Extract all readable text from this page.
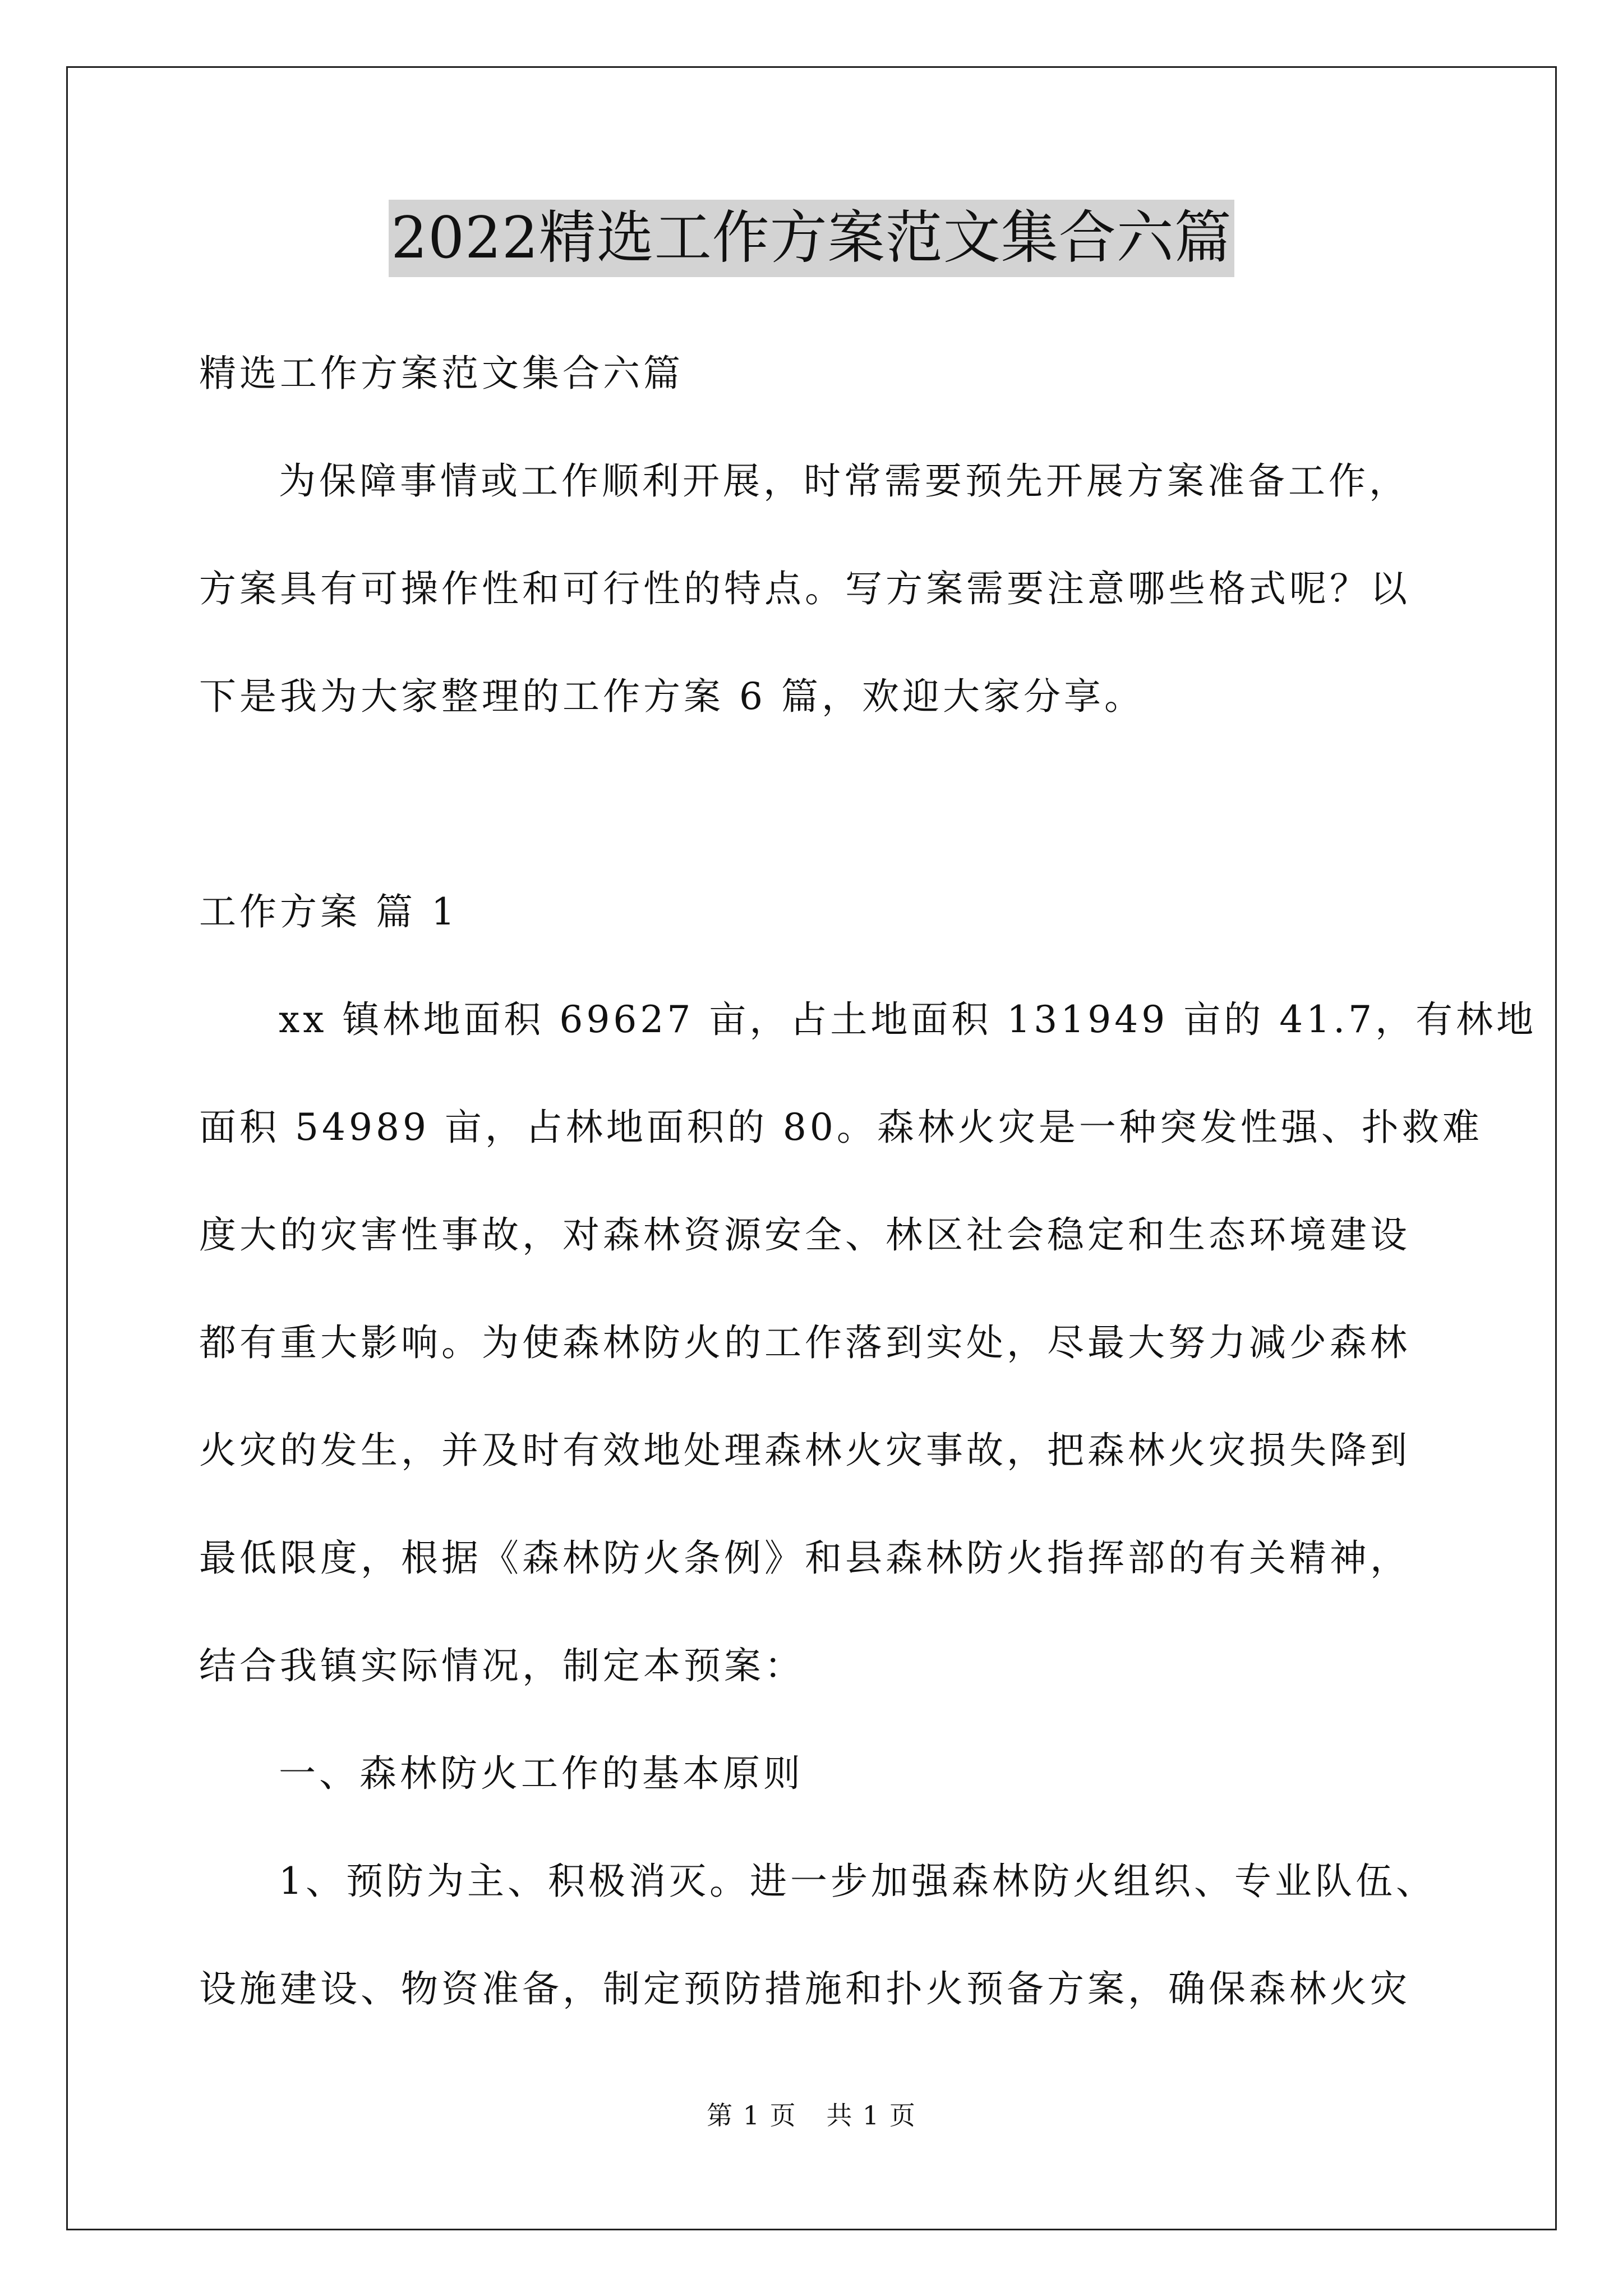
2022精选工作方案范文集合六篇

精选工作方案范文集合六篇

为保障事情或工作顺利开展，时常需要预先开展方案准备工作，

方案具有可操作性和可行性的特点。写方案需要注意哪些格式呢？以

下是我为大家整理的工作方案 6 篇，欢迎大家分享。

工作方案 篇 1

xx 镇林地面积 69627 亩，占土地面积 131949 亩的 41.7，有林地

面积 54989 亩，占林地面积的 80。森林火灾是一种突发性强、扑救难

度大的灾害性事故，对森林资源安全、林区社会稳定和生态环境建设

都有重大影响。为使森林防火的工作落到实处，尽最大努力减少森林

火灾的发生，并及时有效地处理森林火灾事故，把森林火灾损失降到

最低限度，根据《森林防火条例》和县森林防火指挥部的有关精神，

结合我镇实际情况，制定本预案：

一、森林防火工作的基本原则

1、预防为主、积极消灭。进一步加强森林防火组织、专业队伍、

设施建设、物资准备，制定预防措施和扑火预备方案，确保森林火灾

第 1 页 共 1 页
